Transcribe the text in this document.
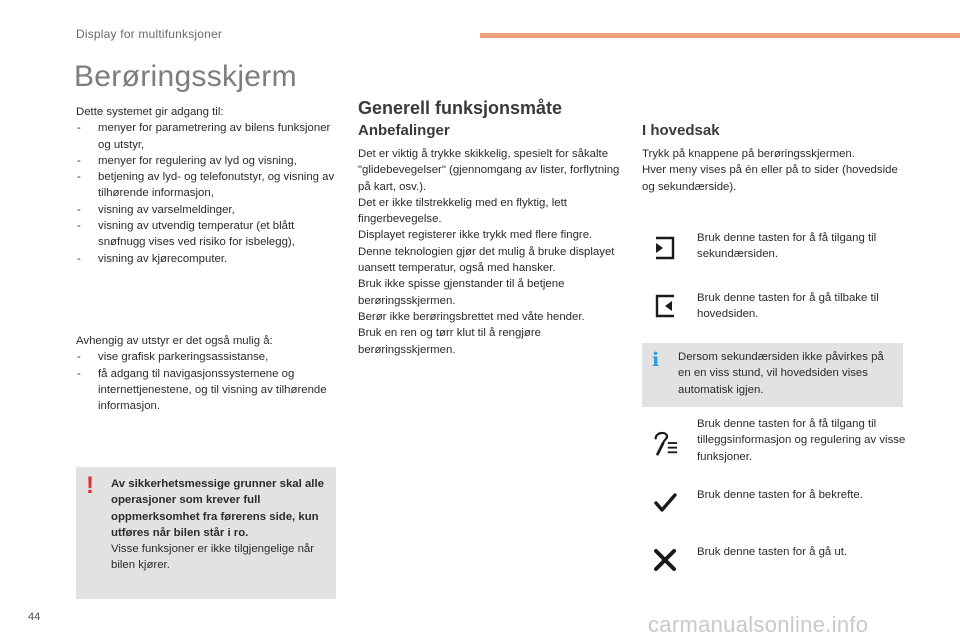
Display for multifunksjoner
Berøringsskjerm
Dette systemet gir adgang til:
- menyer for parametrering av bilens funksjoner og utstyr,
- menyer for regulering av lyd og visning,
- betjening av lyd- og telefonutstyr, og visning av tilhørende informasjon,
- visning av varselmeldinger,
- visning av utvendig temperatur (et blått snøfnugg vises ved risiko for isbelegg),
- visning av kjørecomputer.
Avhengig av utstyr er det også mulig å:
- vise grafisk parkeringsassistanse,
- få adgang til navigasjonssystemene og internettjenestene, og til visning av tilhørende informasjon.
! Av sikkerhetsmessige grunner skal alle operasjoner som krever full oppmerksomhet fra førerens side, kun utføres når bilen står i ro.
Visse funksjoner er ikke tilgjengelige når bilen kjører.
Generell funksjonsmåte
Anbefalinger
Det er viktig å trykke skikkelig, spesielt for såkalte "glidebevegelser" (gjennomgang av lister, forflytning på kart, osv.).
Det er ikke tilstrekkelig med en flyktig, lett fingerbevegelse.
Displayet registerer ikke trykk med flere fingre.
Denne teknologien gjør det mulig å bruke displayet uansett temperatur, også med hansker.
Bruk ikke spisse gjenstander til å betjene berøringsskjermen.
Berør ikke berøringsbrettet med våte hender.
Bruk en ren og tørr klut til å rengjøre berøringsskjermen.
I hovedsak
Trykk på knappene på berøringsskjermen.
Hver meny vises på én eller på to sider (hovedside og sekundærside).
Bruk denne tasten for å få tilgang til sekundærsiden.
Bruk denne tasten for å gå tilbake til hovedsiden.
i Dersom sekundærsiden ikke påvirkes på en en viss stund, vil hovedsiden vises automatisk igjen.
Bruk denne tasten for å få tilgang til tilleggsinformasjon og regulering av visse funksjoner.
Bruk denne tasten for å bekrefte.
Bruk denne tasten for å gå ut.
44	carmanualsonline.info
